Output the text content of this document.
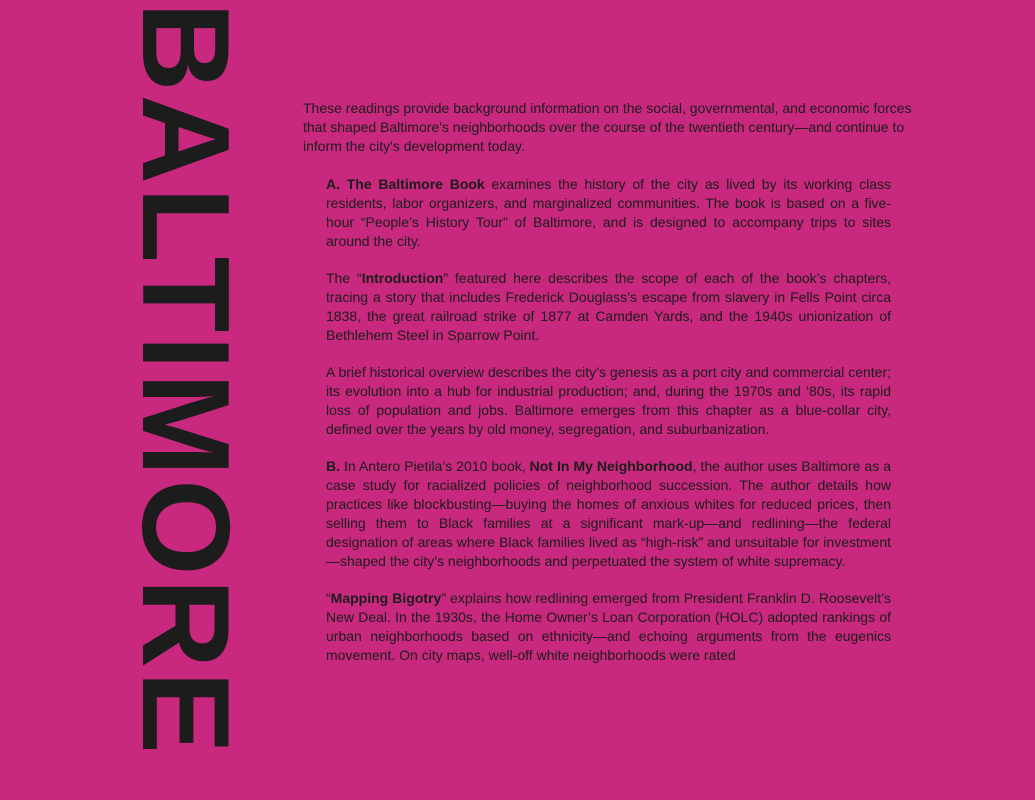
BALTIMORE	These readings provide background information on the social, governmental, and economic forces that shaped Baltimore's neighborhoods over the course of the twentieth century—and continue to inform the city's development today.

A. The Baltimore Book examines the history of the city as lived by its working class residents, labor organizers, and marginalized communities. The book is based on a five-hour “People’s History Tour” of Baltimore, and is designed to accompany trips to sites around the city.

The “Introduction” featured here describes the scope of each of the book’s chapters, tracing a story that includes Frederick Douglass’s escape from slavery in Fells Point circa 1838, the great railroad strike of 1877 at Camden Yards, and the 1940s unionization of Bethlehem Steel in Sparrow Point.

A brief historical overview describes the city’s genesis as a port city and commercial center; its evolution into a hub for industrial production; and, during the 1970s and ‘80s, its rapid loss of population and jobs. Baltimore emerges from this chapter as a blue-collar city, defined over the years by old money, segregation, and suburbanization.

B. In Antero Pietila’s 2010 book, Not In My Neighborhood, the author uses Baltimore as a case study for racialized policies of neighborhood succession. The author details how practices like blockbusting—buying the homes of anxious whites for reduced prices, then selling them to Black families at a significant mark-up—and redlining—the federal designation of areas where Black families lived as “high-risk” and unsuitable for investment—shaped the city’s neighborhoods and perpetuated the system of white supremacy.

“Mapping Bigotry” explains how redlining emerged from President Franklin D. Roosevelt’s New Deal. In the 1930s, the Home Owner’s Loan Corporation (HOLC) adopted rankings of urban neighborhoods based on ethnicity—and echoing arguments from the eugenics movement. On city maps, well-off white neighborhoods were rated
